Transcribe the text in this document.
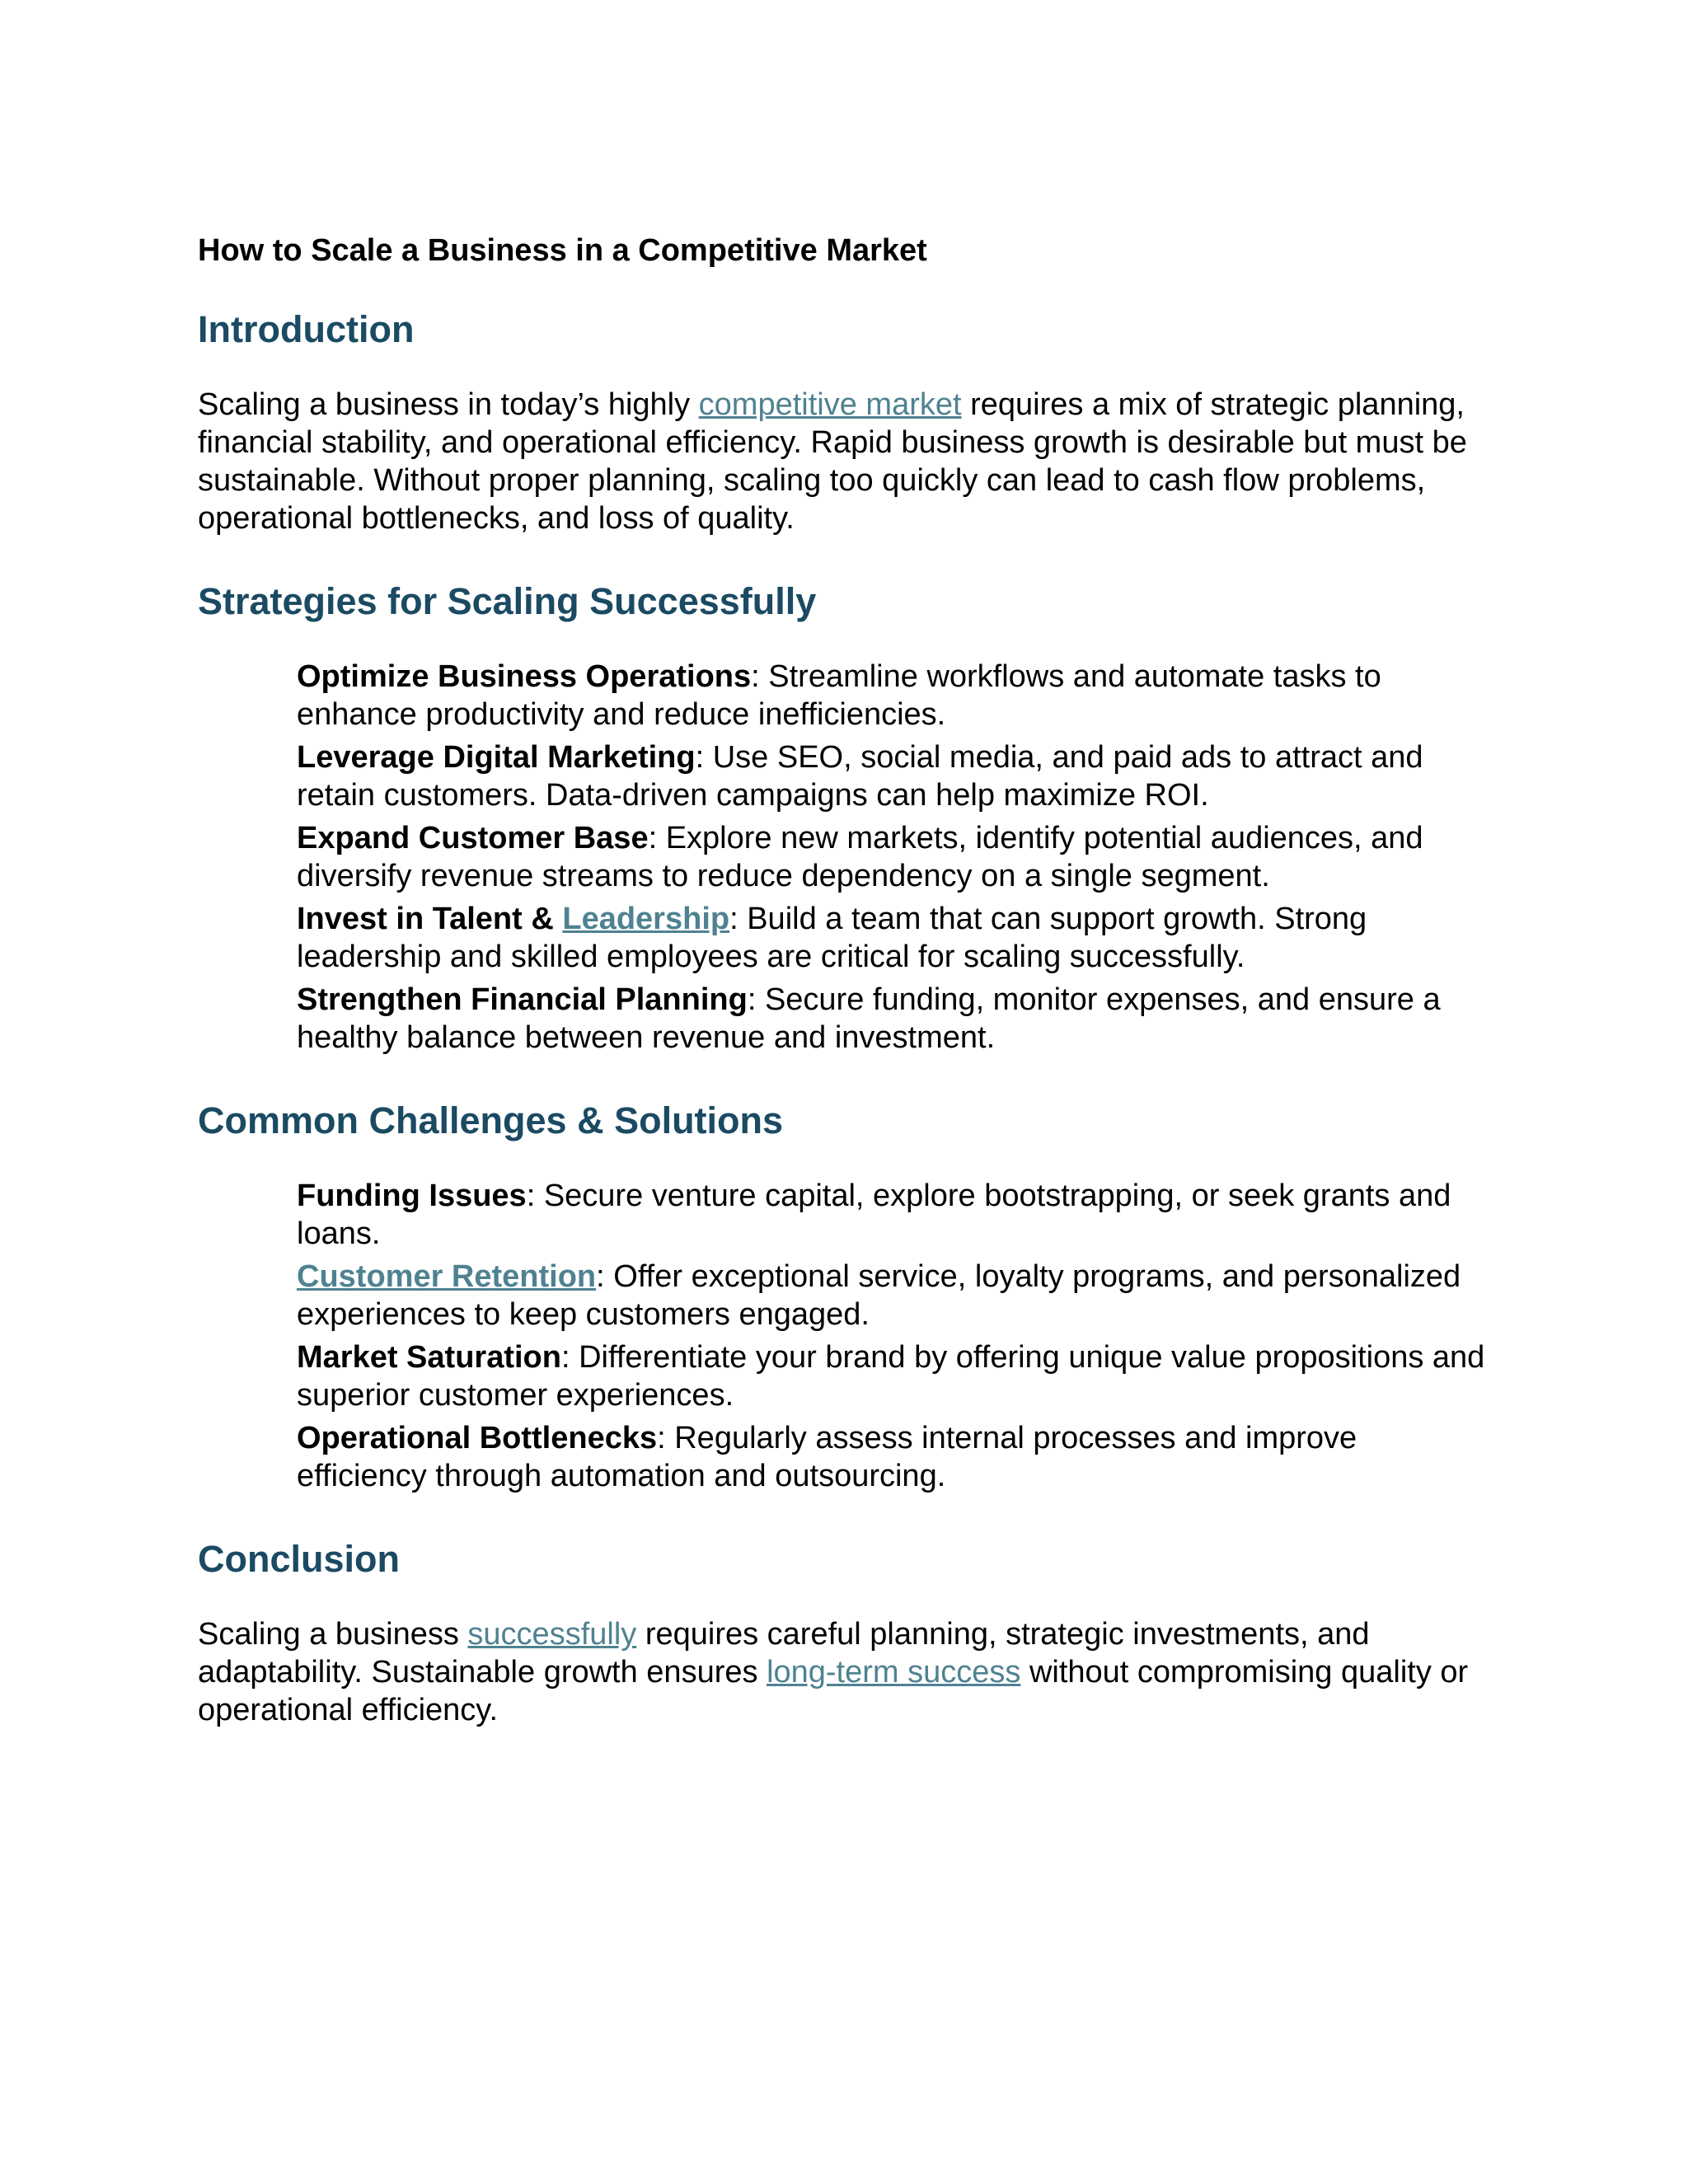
How to Scale a Business in a Competitive Market
Introduction

Scaling a business in today’s highly competitive market requires a mix of strategic planning, financial stability, and operational efficiency. Rapid business growth is desirable but must be sustainable. Without proper planning, scaling too quickly can lead to cash flow problems, operational bottlenecks, and loss of quality.

Strategies for Scaling Successfully
Optimize Business Operations: Streamline workflows and automate tasks to enhance productivity and reduce inefficiencies.
Leverage Digital Marketing: Use SEO, social media, and paid ads to attract and retain customers. Data-driven campaigns can help maximize ROI.
Expand Customer Base: Explore new markets, identify potential audiences, and diversify revenue streams to reduce dependency on a single segment.
Invest in Talent & Leadership: Build a team that can support growth. Strong leadership and skilled employees are critical for scaling successfully.
Strengthen Financial Planning: Secure funding, monitor expenses, and ensure a healthy balance between revenue and investment.
Common Challenges & Solutions
Funding Issues: Secure venture capital, explore bootstrapping, or seek grants and loans.
Customer Retention: Offer exceptional service, loyalty programs, and personalized experiences to keep customers engaged.
Market Saturation: Differentiate your brand by offering unique value propositions and superior customer experiences.
Operational Bottlenecks: Regularly assess internal processes and improve efficiency through automation and outsourcing.
Conclusion

Scaling a business successfully requires careful planning, strategic investments, and adaptability. Sustainable growth ensures long-term success without compromising quality or operational efficiency.
